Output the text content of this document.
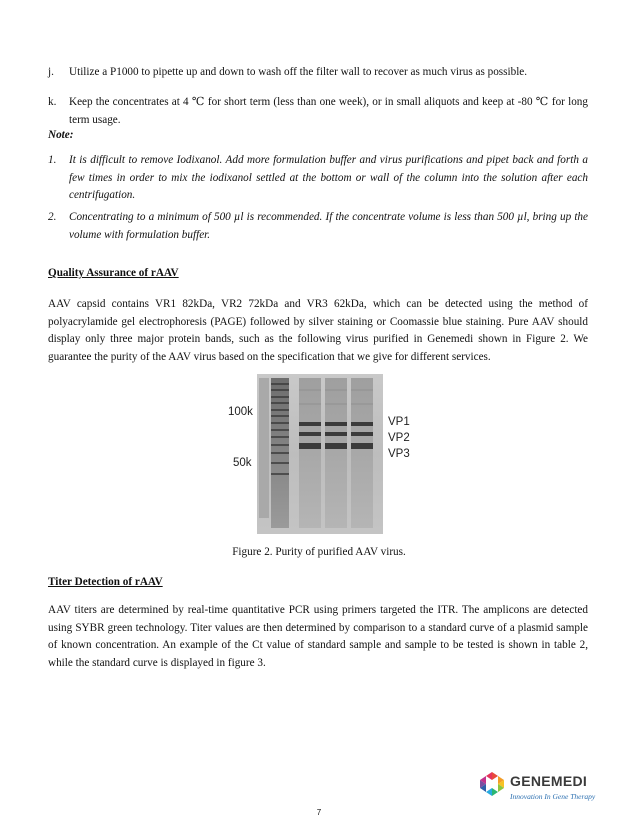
j. Utilize a P1000 to pipette up and down to wash off the filter wall to recover as much virus as possible.
k. Keep the concentrates at 4 ℃ for short term (less than one week), or in small aliquots and keep at -80 ℃ for long term usage.
Note:
1. It is difficult to remove Iodixanol. Add more formulation buffer and virus purifications and pipet back and forth a few times in order to mix the iodixanol settled at the bottom or wall of the column into the solution after each centrifugation.
2. Concentrating to a minimum of 500 µl is recommended. If the concentrate volume is less than 500 µl, bring up the volume with formulation buffer.
Quality Assurance of rAAV
AAV capsid contains VR1 82kDa, VR2 72kDa and VR3 62kDa, which can be detected using the method of polyacrylamide gel electrophoresis (PAGE) followed by silver staining or Coomassie blue staining. Pure AAV should display only three major protein bands, such as the following virus purified in Genemedi shown in Figure 2. We guarantee the purity of the AAV virus based on the specification that we give for different services.
100k
50k
VP1
VP2
VP3
Figure 2. Purity of purified AAV virus.
Titer Detection of rAAV
AAV titers are determined by real-time quantitative PCR using primers targeted the ITR. The amplicons are detected using SYBR green technology. Titer values are then determined by comparison to a standard curve of a plasmid sample of known concentration. An example of the Ct value of standard sample and sample to be tested is shown in table 2, while the standard curve is displayed in figure 3.
GENEMEDI
Innovation In Gene Therapy
7
